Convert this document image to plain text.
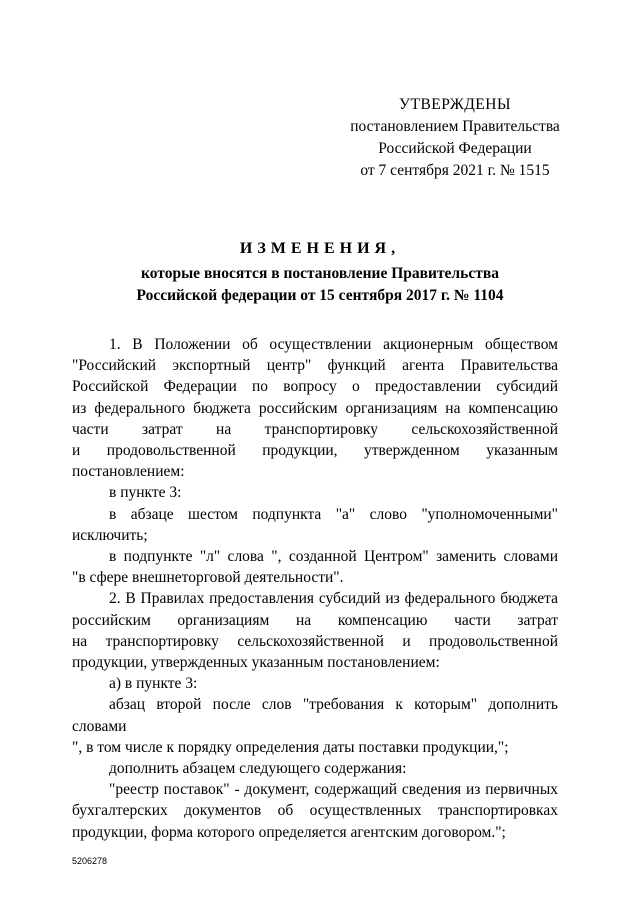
УТВЕРЖДЕНЫ
постановлением Правительства
Российской Федерации
от 7 сентября 2021 г. № 1515
ИЗМЕНЕНИЯ,
которые вносятся в постановление Правительства
Российской федерации от 15 сентября 2017 г. № 1104

1. В Положении об осуществлении акционерным обществом

"Российский экспортный центр" функций агента Правительства

Российской Федерации по вопросу о предоставлении субсидий

из федерального бюджета российским организациям на компенсацию

части затрат на транспортировку сельскохозяйственной

и продовольственной продукции, утвержденном указанным

постановлением:

в пункте 3:

в абзаце шестом подпункта "а" слово "уполномоченными"

исключить;

в подпункте "л" слова ", созданной Центром" заменить словами

"в сфере внешнеторговой деятельности".

2. В Правилах предоставления субсидий из федерального бюджета

российским организациям на компенсацию части затрат

на транспортировку сельскохозяйственной и продовольственной

продукции, утвержденных указанным постановлением:

а) в пункте 3:

абзац второй после слов "требования к которым" дополнить словами

", в том числе к порядку определения даты поставки продукции,";

дополнить абзацем следующего содержания:

"реестр поставок" - документ, содержащий сведения из первичных

бухгалтерских документов об осуществленных транспортировках

продукции, форма которого определяется агентским договором.";

5206278
